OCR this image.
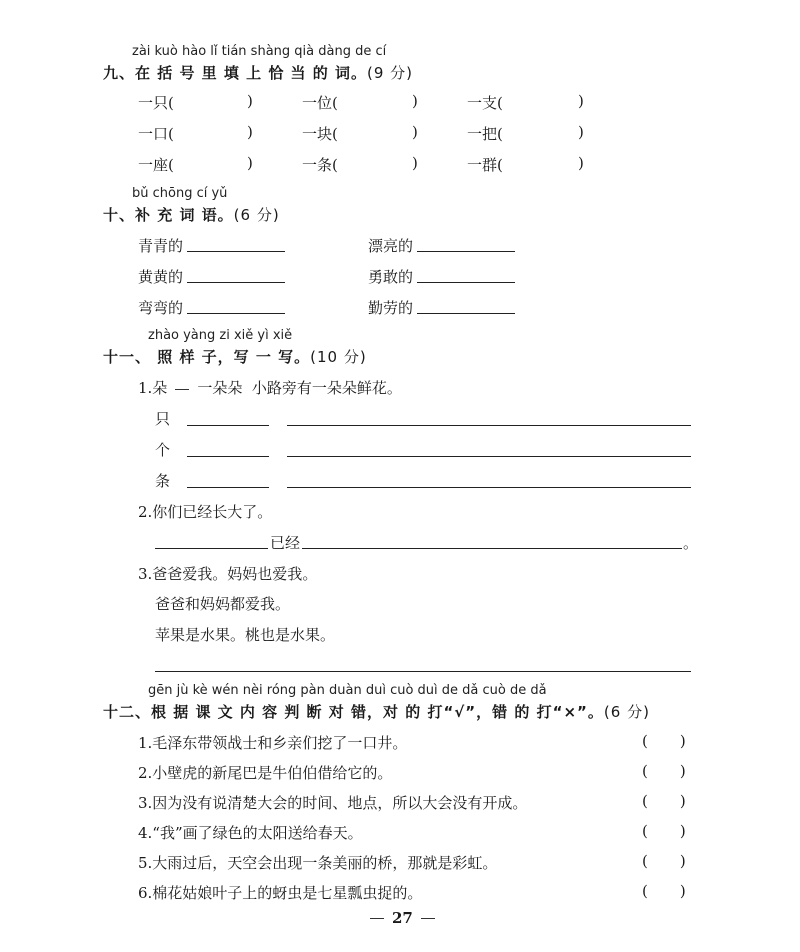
zài kuò hào lǐ tián shàng qià dàng de cí
九、在 括 号 里 填 上 恰 当 的 词。(9 分)
一只(	)	一位(	)	一支(	)
一口(	)	一块(	)	一把(	)
一座(	)	一条(	)	一群(	)
bǔ chōng cí yǔ
十、补 充 词 语。(6 分)
青青的	漂亮的
黄黄的	勇敢的
弯弯的	勤劳的
zhào yàng zi xiě yì xiě
十一、 照 样 子，写 一 写。(10 分)
1.朵 一朵朵 小路旁有一朵朵鲜花。
只
个
条
2.你们已经长大了。
已经	。
3.爸爸爱我。妈妈也爱我。
爸爸和妈妈都爱我。
苹果是水果。桃也是水果。
gēn jù kè wén nèi róng pàn duàn duì cuò duì de dǎ cuò de dǎ
十二、根 据 课 文 内 容 判 断 对 错，对 的 打“√”，错 的 打“×”。(6 分)
1.毛泽东带领战士和乡亲们挖了一口井。	( )
2.小壁虎的新尾巴是牛伯伯借给它的。	( )
3.因为没有说清楚大会的时间、地点，所以大会没有开成。	( )
4.“我”画了绿色的太阳送给春天。	( )
5.大雨过后，天空会出现一条美丽的桥，那就是彩虹。	( )
6.棉花姑娘叶子上的蚜虫是七星瓢虫捉的。	( )
27
